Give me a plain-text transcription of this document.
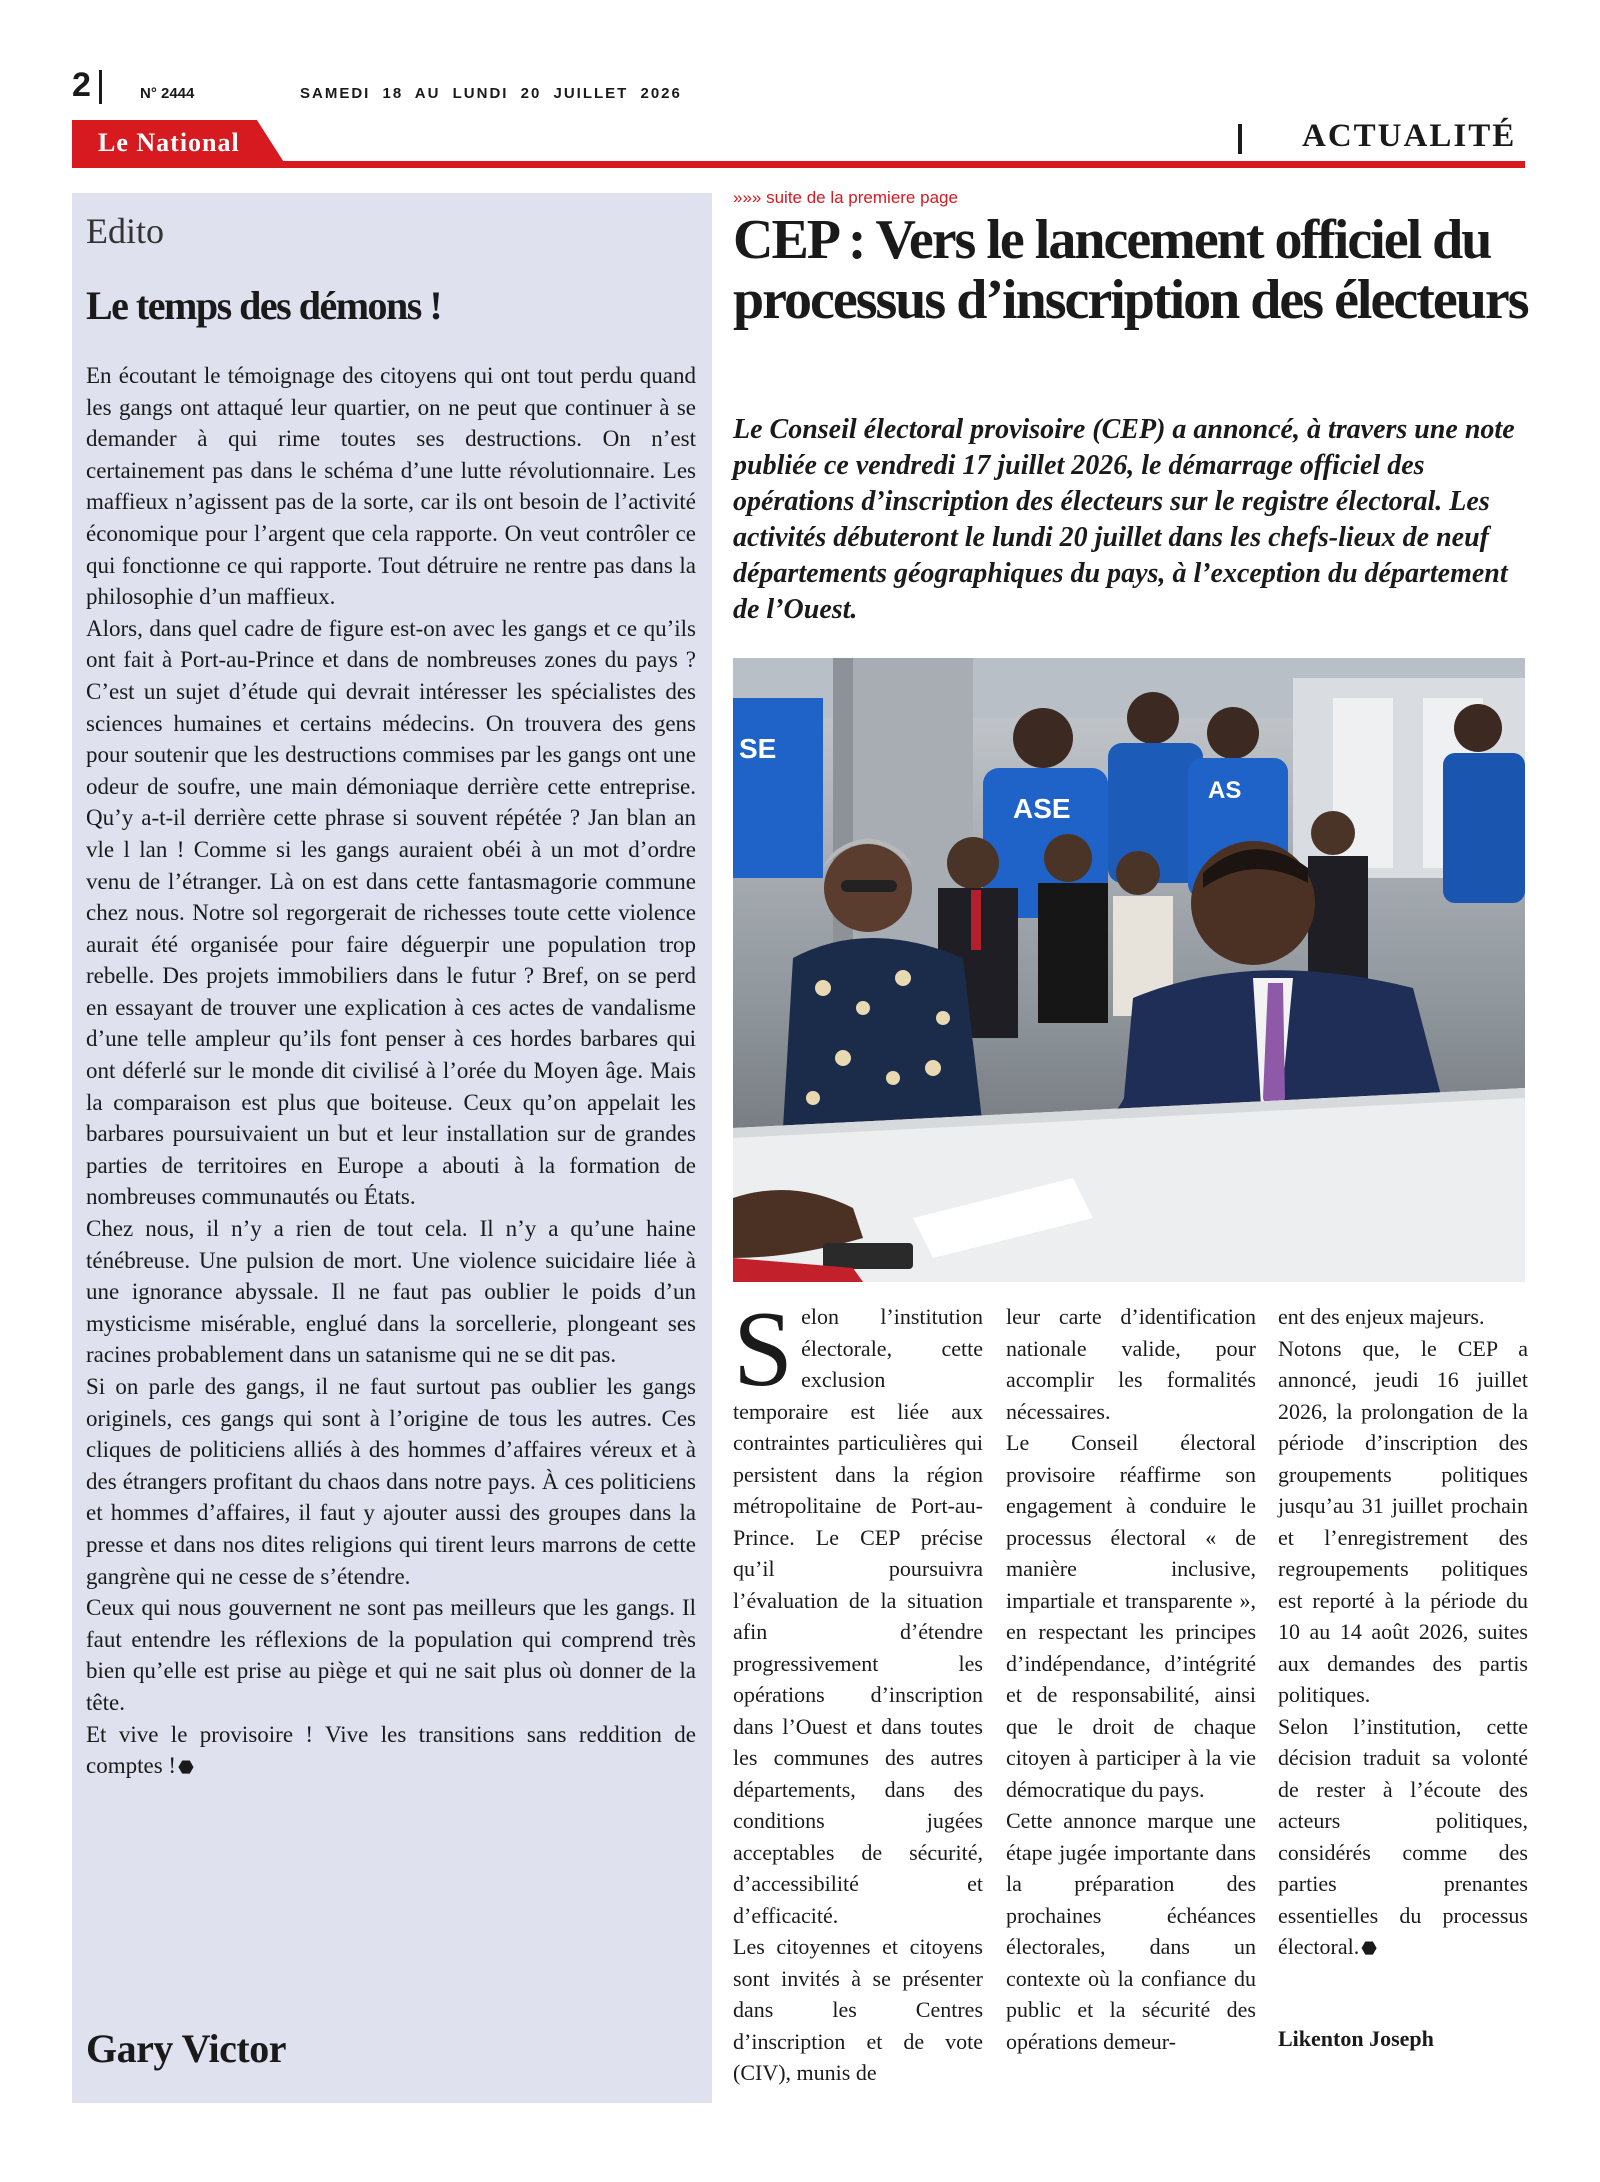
2	N° 2444	SAMEDI 18 AU LUNDI 20 JUILLET 2026
Le National	ACTUALITÉ
Edito
Le temps des démons !

En écoutant le témoignage des citoyens qui ont tout perdu quand les gangs ont attaqué leur quartier, on ne peut que continuer à se demander à qui rime toutes ses destructions. On n’est certainement pas dans le schéma d’une lutte révolutionnaire. Les maffieux n’agissent pas de la sorte, car ils ont besoin de l’activité économique pour l’argent que cela rapporte. On veut contrôler ce qui fonctionne ce qui rapporte. Tout détruire ne rentre pas dans la philosophie d’un maffieux.

Alors, dans quel cadre de figure est-on avec les gangs et ce qu’ils ont fait à Port-au-Prince et dans de nombreuses zones du pays ? C’est un sujet d’étude qui devrait intéresser les spécialistes des sciences humaines et certains médecins. On trouvera des gens pour soutenir que les destructions commises par les gangs ont une odeur de soufre, une main démoniaque derrière cette entreprise. Qu’y a-t-il derrière cette phrase si souvent répétée ? Jan blan an vle l lan ! Comme si les gangs auraient obéi à un mot d’ordre venu de l’étranger. Là on est dans cette fantasmagorie commune chez nous. Notre sol regorgerait de richesses toute cette violence aurait été organisée pour faire déguerpir une population trop rebelle. Des projets immobiliers dans le futur ? Bref, on se perd en essayant de trouver une explication à ces actes de vandalisme d’une telle ampleur qu’ils font penser à ces hordes barbares qui ont déferlé sur le monde dit civilisé à l’orée du Moyen âge. Mais la comparaison est plus que boiteuse. Ceux qu’on appelait les barbares poursuivaient un but et leur installation sur de grandes parties de territoires en Europe a abouti à la formation de nombreuses communautés ou États.

Chez nous, il n’y a rien de tout cela. Il n’y a qu’une haine ténébreuse. Une pulsion de mort. Une violence suicidaire liée à une ignorance abyssale. Il ne faut pas oublier le poids d’un mysticisme misérable, englué dans la sorcellerie, plongeant ses racines probablement dans un satanisme qui ne se dit pas.

Si on parle des gangs, il ne faut surtout pas oublier les gangs originels, ces gangs qui sont à l’origine de tous les autres. Ces cliques de politiciens alliés à des hommes d’affaires véreux et à des étrangers profitant du chaos dans notre pays. À ces politiciens et hommes d’affaires, il faut y ajouter aussi des groupes dans la presse et dans nos dites religions qui tirent leurs marrons de cette gangrène qui ne cesse de s’étendre.

Ceux qui nous gouvernent ne sont pas meilleurs que les gangs. Il faut entendre les réflexions de la population qui comprend très bien qu’elle est prise au piège et qui ne sait plus où donner de la tête.

Et vive le provisoire ! Vive les transitions sans reddition de comptes ! ⬣

Gary Victor
»»» suite de la premiere page
CEP : Vers le lancement officiel du processus d’inscription des électeurs

Le Conseil électoral provisoire (CEP) a annoncé, à travers une note publiée ce vendredi 17 juillet 2026, le démarrage officiel des opérations d’inscription des électeurs sur le registre électoral. Les activités débuteront le lundi 20 juillet dans les chefs-lieux de neuf départements géographiques du pays, à l’exception du département de l’Ouest.

SE
ASE
AS

Selon l’institution électorale, cette exclusion temporaire est liée aux contraintes particulières qui persistent dans la région métropolitaine de Port-au-Prince. Le CEP précise qu’il poursuivra l’évaluation de la situation afin d’étendre progressivement les opérations d’inscription dans l’Ouest et dans toutes les communes des autres départements, dans des conditions jugées acceptables de sécurité, d’accessibilité et d’efficacité.

Les citoyennes et citoyens sont invités à se présenter dans les Centres d’inscription et de vote (CIV), munis de

leur carte d’identification nationale valide, pour accomplir les formalités nécessaires.

Le Conseil électoral provisoire réaffirme son engagement à conduire le processus électoral « de manière inclusive, impartiale et transparente », en respectant les principes d’indépendance, d’intégrité et de responsabilité, ainsi que le droit de chaque citoyen à participer à la vie démocratique du pays.

Cette annonce marque une étape jugée importante dans la préparation des prochaines échéances électorales, dans un contexte où la confiance du public et la sécurité des opérations demeur-

ent des enjeux majeurs.

Notons que, le CEP a annoncé, jeudi 16 juillet 2026, la prolongation de la période d’inscription des groupements politiques jusqu’au 31 juillet prochain et l’enregistrement des regroupements politiques est reporté à la période du 10 au 14 août 2026, suites aux demandes des partis politiques.

Selon l’institution, cette décision traduit sa volonté de rester à l’écoute des acteurs politiques, considérés comme des parties prenantes essentielles du processus électoral. ⬣

Likenton Joseph
